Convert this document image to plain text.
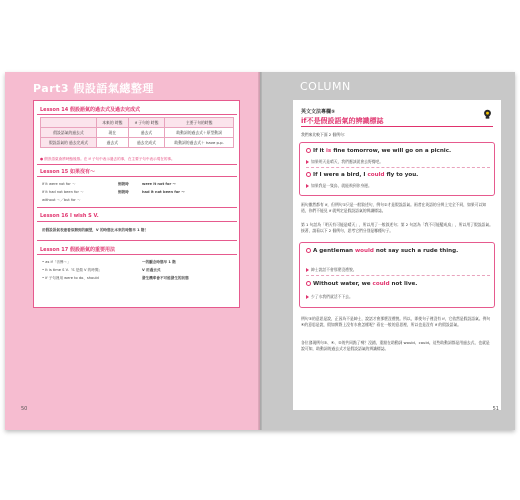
Part3 假設語氣總整理
Lesson 14 假設語氣的過去式及過去完成式
	本來的 時態	if 子句的 時態	主要子句的時態
假設語氣的過去式	現在	過去式	助動詞的過去式＋原型動詞
假設語氣的 過去完成式	過去式	過去完成式	助動詞的過去式＋ have p.p.
● 假設語氣會將時態後推。在 if 子句中表示過去的事，在主要子句中表示現在的事。
Lesson 15 如果沒有～
if it were not for ～	倒裝時	were it not for ～
if it had not been for ～	倒裝時	had it not been for ～
without ～／but for ～
Lesson 16 I wish S V.
用假設語氣表達看似辦到的願望，V 的時態比本來的時態早 1 階！
Lesson 17 假設語氣的重要用法
• as if「彷彿～」	一的觀念時態早 1 階
• It is time S V.「S 是做 V 的時間」	V 用過去式
• if 子句裡用 were to do、should	發生機率會不可能發生的狀態
50
COLUMN
英文文法專欄⑤
if不是假設語氣的辨識標誌
我們來比較下面 2 個例句：
If it is fine tomorrow, we will go on a picnic.
如果明天是晴天，我們應該就會去野餐吧。
If I were a bird, I could fly to you.
如果我是一隻鳥，就能飛到你身邊。
兩句雖然都有 if，但例句①只是一般敘述句，例句②才是假設語氣。兩者在英語的分辨上完全不同，如果可以知道，你們不能見 if 就判定是假設語氣的辨識標誌。
第 1 句話為「明天有可能是晴天」，所以用了一般敘述句；第 2 句話為「我不可能變成鳥」，所以用了假設語氣。接著，請看以下 2 個例句，思考它們分別是哪種句子。
A gentleman would not say such a rude thing.
紳士說話不會那麼沒禮貌。
Without water, we could not live.
少了水我們就活不下去。
例句③的意思是說，正因為不是紳士，說話才會那麼沒禮貌。所以，即使句子裡沒有 if，它依然是假設語氣。例句④的意思是說，假如實際上沒有水會怎樣呢？看在一般的意思裡，所以也是沒有 if 的假設語氣。
各位發現例句③、④、⑤的共同點了嗎？沒錯，重點在助動詞 would、could。這些助動詞都是用過去式，也就是說可知，助動詞的過去式才是假設語氣的辨識標誌。
51
